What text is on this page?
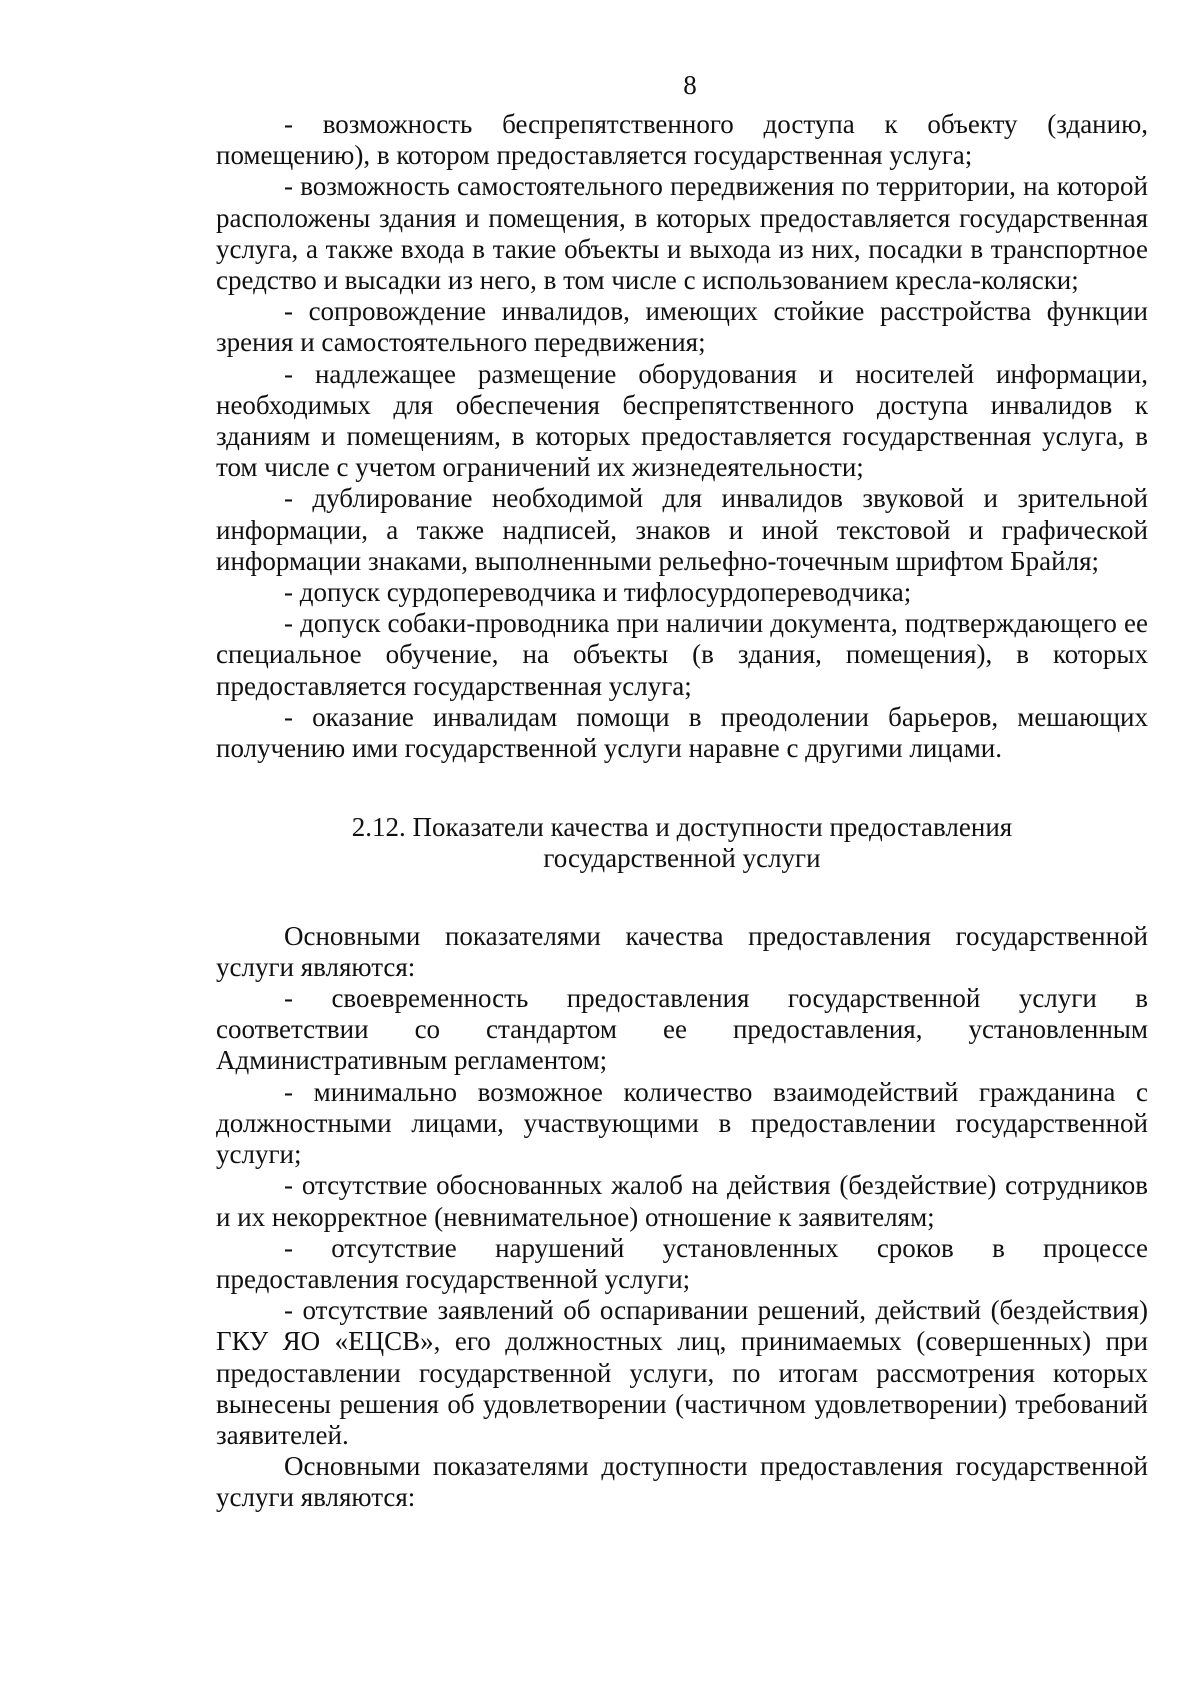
8

- возможность беспрепятственного доступа к объекту (зданию, помещению), в котором предоставляется государственная услуга;

- возможность самостоятельного передвижения по территории, на которой расположены здания и помещения, в которых предоставляется государственная услуга, а также входа в такие объекты и выхода из них, посадки в транспортное средство и высадки из него, в том числе с использованием кресла-коляски;

- сопровождение инвалидов, имеющих стойкие расстройства функции зрения и самостоятельного передвижения;

- надлежащее размещение оборудования и носителей информации, необходимых для обеспечения беспрепятственного доступа инвалидов к зданиям и помещениям, в которых предоставляется государственная услуга, в том числе с учетом ограничений их жизнедеятельности;

- дублирование необходимой для инвалидов звуковой и зрительной информации, а также надписей, знаков и иной текстовой и графической информации знаками, выполненными рельефно-точечным шрифтом Брайля;

- допуск сурдопереводчика и тифлосурдопереводчика;

- допуск собаки-проводника при наличии документа, подтверждающего ее специальное обучение, на объекты (в здания, помещения), в которых предоставляется государственная услуга;

- оказание инвалидам помощи в преодолении барьеров, мешающих получению ими государственной услуги наравне с другими лицами.

2.12. Показатели качества и доступности предоставления
государственной услуги

Основными показателями качества предоставления государственной услуги являются:

- своевременность предоставления государственной услуги в соответствии со стандартом ее предоставления, установленным Административным регламентом;

- минимально возможное количество взаимодействий гражданина с должностными лицами, участвующими в предоставлении государственной услуги;

- отсутствие обоснованных жалоб на действия (бездействие) сотрудников и их некорректное (невнимательное) отношение к заявителям;

- отсутствие нарушений установленных сроков в процессе предоставления государственной услуги;

- отсутствие заявлений об оспаривании решений, действий (бездействия) ГКУ ЯО «ЕЦСВ», его должностных лиц, принимаемых (совершенных) при предоставлении государственной услуги, по итогам рассмотрения которых вынесены решения об удовлетворении (частичном удовлетворении) требований заявителей.

Основными показателями доступности предоставления государственной услуги являются:
